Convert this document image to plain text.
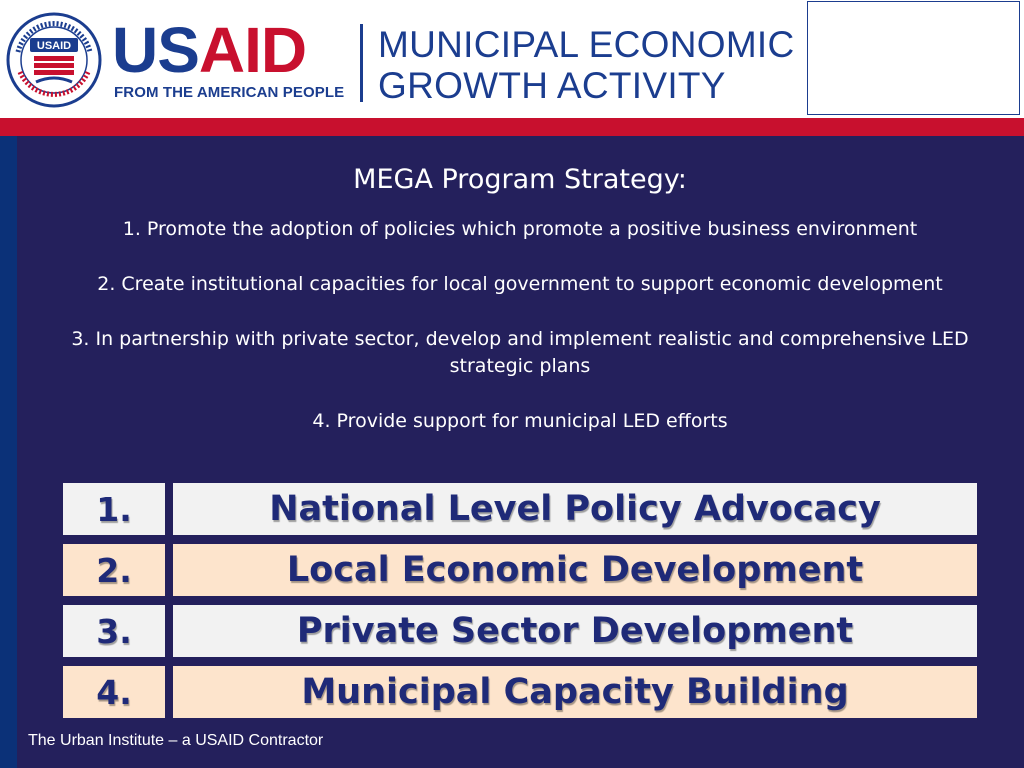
USAID USAID
FROM THE AMERICAN PEOPLE
MUNICIPAL ECONOMIC
GROWTH ACTIVITY
MEGA Program Strategy:

1. Promote the adoption of policies which promote a positive business environment

2. Create institutional capacities for local government to support economic development

3. In partnership with private sector, develop and implement realistic and comprehensive LED strategic plans

4. Provide support for municipal LED efforts

1.	National Level Policy Advocacy
2.	Local Economic Development
3.	Private Sector Development
4.	Municipal Capacity Building
The Urban Institute – a USAID Contractor
